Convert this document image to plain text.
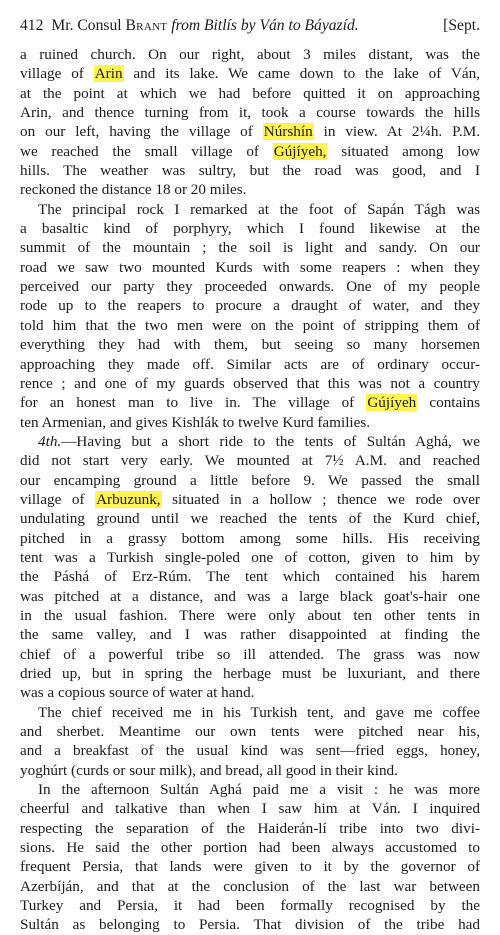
412 Mr. Consul Brant from Bitlís by Ván to Báyazíd.	[Sept.
a ruined church. On our right, about 3 miles distant, was the
village of Arin and its lake. We came down to the lake of Ván,
at the point at which we had before quitted it on approaching
Arin, and thence turning from it, took a course towards the hills
on our left, having the village of Núrshín in view. At 2¼h. P.M.
we reached the small village of Gújíyeh, situated among low
hills. The weather was sultry, but the road was good, and I
reckoned the distance 18 or 20 miles.
The principal rock I remarked at the foot of Sapán Tágh was
a basaltic kind of porphyry, which I found likewise at the
summit of the mountain ; the soil is light and sandy. On our
road we saw two mounted Kurds with some reapers : when they
perceived our party they proceeded onwards. One of my people
rode up to the reapers to procure a draught of water, and they
told him that the two men were on the point of stripping them of
everything they had with them, but seeing so many horsemen
approaching they made off. Similar acts are of ordinary occur-
rence ; and one of my guards observed that this was not a country
for an honest man to live in. The village of Gújíyeh contains
ten Armenian, and gives Kishlák to twelve Kurd families.
4th.—Having but a short ride to the tents of Sultán Aghá, we
did not start very early. We mounted at 7½ A.M. and reached
our encamping ground a little before 9. We passed the small
village of Arbuzunk, situated in a hollow ; thence we rode over
undulating ground until we reached the tents of the Kurd chief,
pitched in a grassy bottom among some hills. His receiving
tent was a Turkish single-poled one of cotton, given to him by
the Páshá of Erz-Rúm. The tent which contained his harem
was pitched at a distance, and was a large black goat's-hair one
in the usual fashion. There were only about ten other tents in
the same valley, and I was rather disappointed at finding the
chief of a powerful tribe so ill attended. The grass was now
dried up, but in spring the herbage must be luxuriant, and there
was a copious source of water at hand.
The chief received me in his Turkish tent, and gave me coffee
and sherbet. Meantime our own tents were pitched near his,
and a breakfast of the usual kind was sent—fried eggs, honey,
yoghúrt (curds or sour milk), and bread, all good in their kind.
In the afternoon Sultán Aghá paid me a visit : he was more
cheerful and talkative than when I saw him at Ván. I inquired
respecting the separation of the Haiderán-lí tribe into two divi-
sions. He said the other portion had been always accustomed to
frequent Persia, that lands were given to it by the governor of
Azerbíján, and that at the conclusion of the last war between
Turkey and Persia, it had been formally recognised by the
Sultán as belonging to Persia. That division of the tribe had
